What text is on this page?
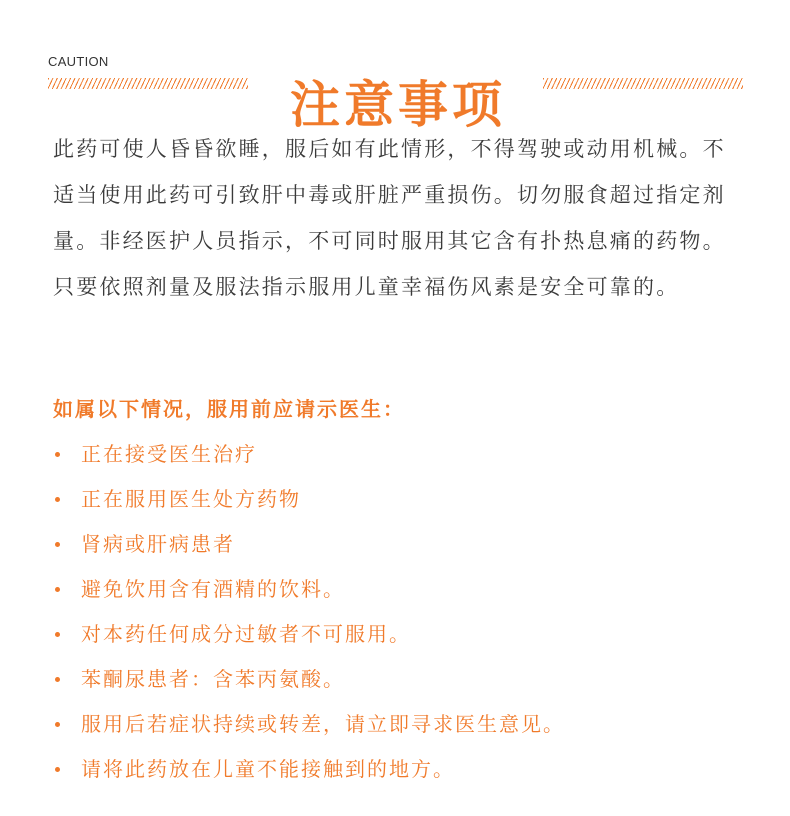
CAUTION
注意事项

此药可使人昏昏欲睡，服后如有此情形，不得驾驶或动用机械。不适当使用此药可引致肝中毒或肝脏严重损伤。切勿服食超过指定剂量。非经医护人员指示，不可同时服用其它含有扑热息痛的药物。只要依照剂量及服法指示服用儿童幸福伤风素是安全可靠的。

如属以下情况，服用前应请示医生：
正在接受医生治疗
正在服用医生处方药物
肾病或肝病患者
避免饮用含有酒精的饮料。
对本药任何成分过敏者不可服用。
苯酮尿患者：含苯丙氨酸。
服用后若症状持续或转差，请立即寻求医生意见。
请将此药放在儿童不能接触到的地方。
